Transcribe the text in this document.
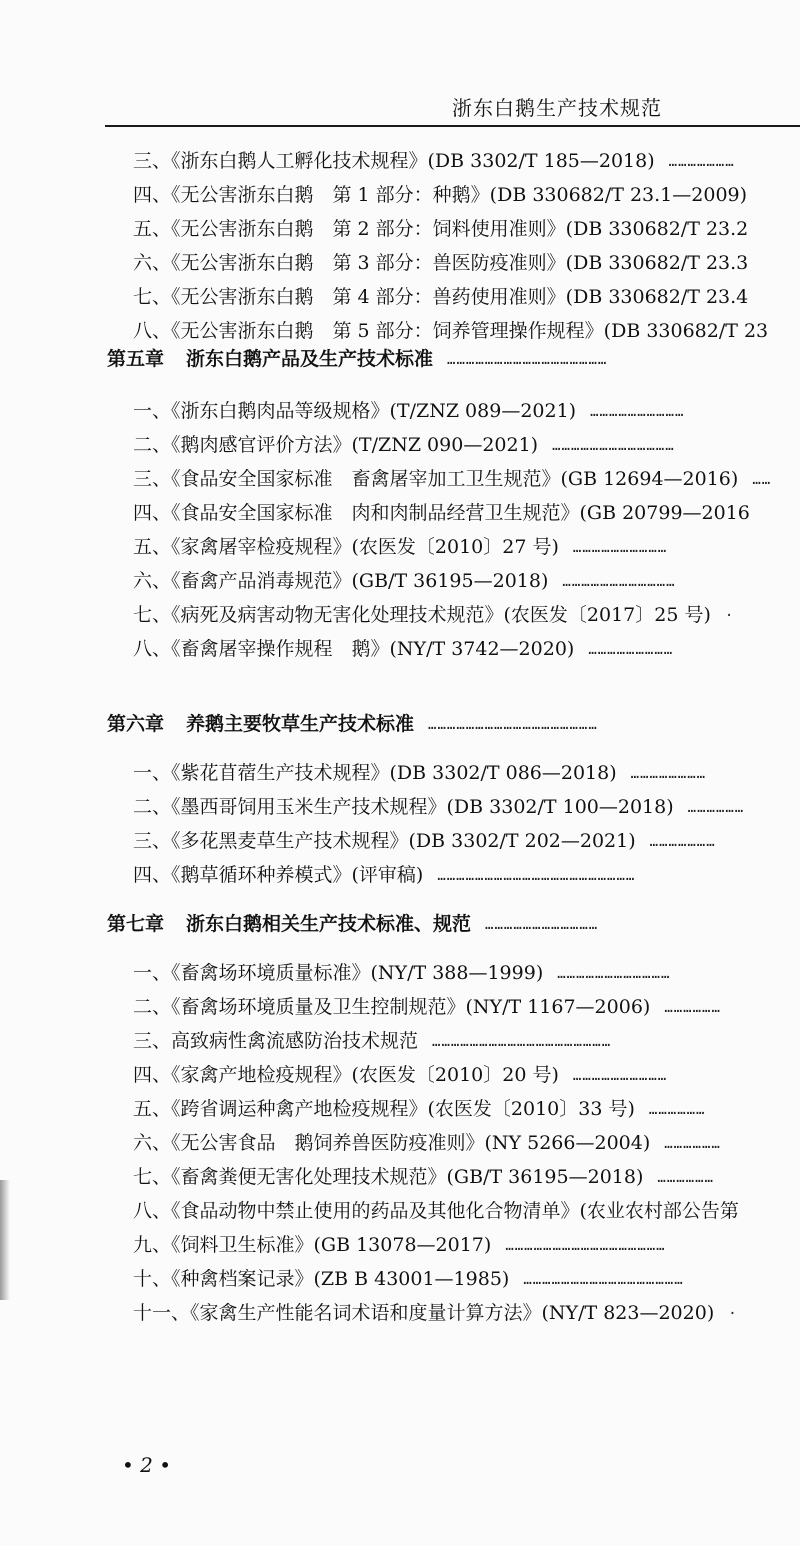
浙东白鹅生产技术规范
三、《浙东白鹅人工孵化技术规程》(DB 3302/T 185—2018) …………………
四、《无公害浙东白鹅　第 1 部分：种鹅》(DB 330682/T 23.1—2009)
五、《无公害浙东白鹅　第 2 部分：饲料使用准则》(DB 330682/T 23.2
六、《无公害浙东白鹅　第 3 部分：兽医防疫准则》(DB 330682/T 23.3
七、《无公害浙东白鹅　第 4 部分：兽药使用准则》(DB 330682/T 23.4
八、《无公害浙东白鹅　第 5 部分：饲养管理操作规程》(DB 330682/T 23
第五章 浙东白鹅产品及生产技术标准 ……………………………………………
一、《浙东白鹅肉品等级规格》(T/ZNZ 089—2021) …………………………
二、《鹅肉感官评价方法》(T/ZNZ 090—2021) …………………………………
三、《食品安全国家标准　畜禽屠宰加工卫生规范》(GB 12694—2016) ……
四、《食品安全国家标准　肉和肉制品经营卫生规范》(GB 20799—2016
五、《家禽屠宰检疫规程》(农医发〔2010〕27 号) …………………………
六、《畜禽产品消毒规范》(GB/T 36195—2018) ………………………………
七、《病死及病害动物无害化处理技术规范》(农医发〔2017〕25 号) ·
八、《畜禽屠宰操作规程　鹅》(NY/T 3742—2020) ………………………
第六章 养鹅主要牧草生产技术标准 ………………………………………………
一、《紫花苜蓿生产技术规程》(DB 3302/T 086—2018) ……………………
二、《墨西哥饲用玉米生产技术规程》(DB 3302/T 100—2018) ………………
三、《多花黑麦草生产技术规程》(DB 3302/T 202—2021) …………………
四、《鹅草循环种养模式》(评审稿) ………………………………………………………
第七章 浙东白鹅相关生产技术标准、规范 ………………………………
一、《畜禽场环境质量标准》(NY/T 388—1999) ………………………………
二、《畜禽场环境质量及卫生控制规范》(NY/T 1167—2006) ………………
三、高致病性禽流感防治技术规范 …………………………………………………
四、《家禽产地检疫规程》(农医发〔2010〕20 号) …………………………
五、《跨省调运种禽产地检疫规程》(农医发〔2010〕33 号) ………………
六、《无公害食品　鹅饲养兽医防疫准则》(NY 5266—2004) ………………
七、《畜禽粪便无害化处理技术规范》(GB/T 36195—2018) ………………
八、《食品动物中禁止使用的药品及其他化合物清单》(农业农村部公告第
九、《饲料卫生标准》(GB 13078—2017) ……………………………………………
十、《种禽档案记录》(ZB B 43001—1985) ……………………………………………
十一、《家禽生产性能名词术语和度量计算方法》(NY/T 823—2020) ·
• 2 •
